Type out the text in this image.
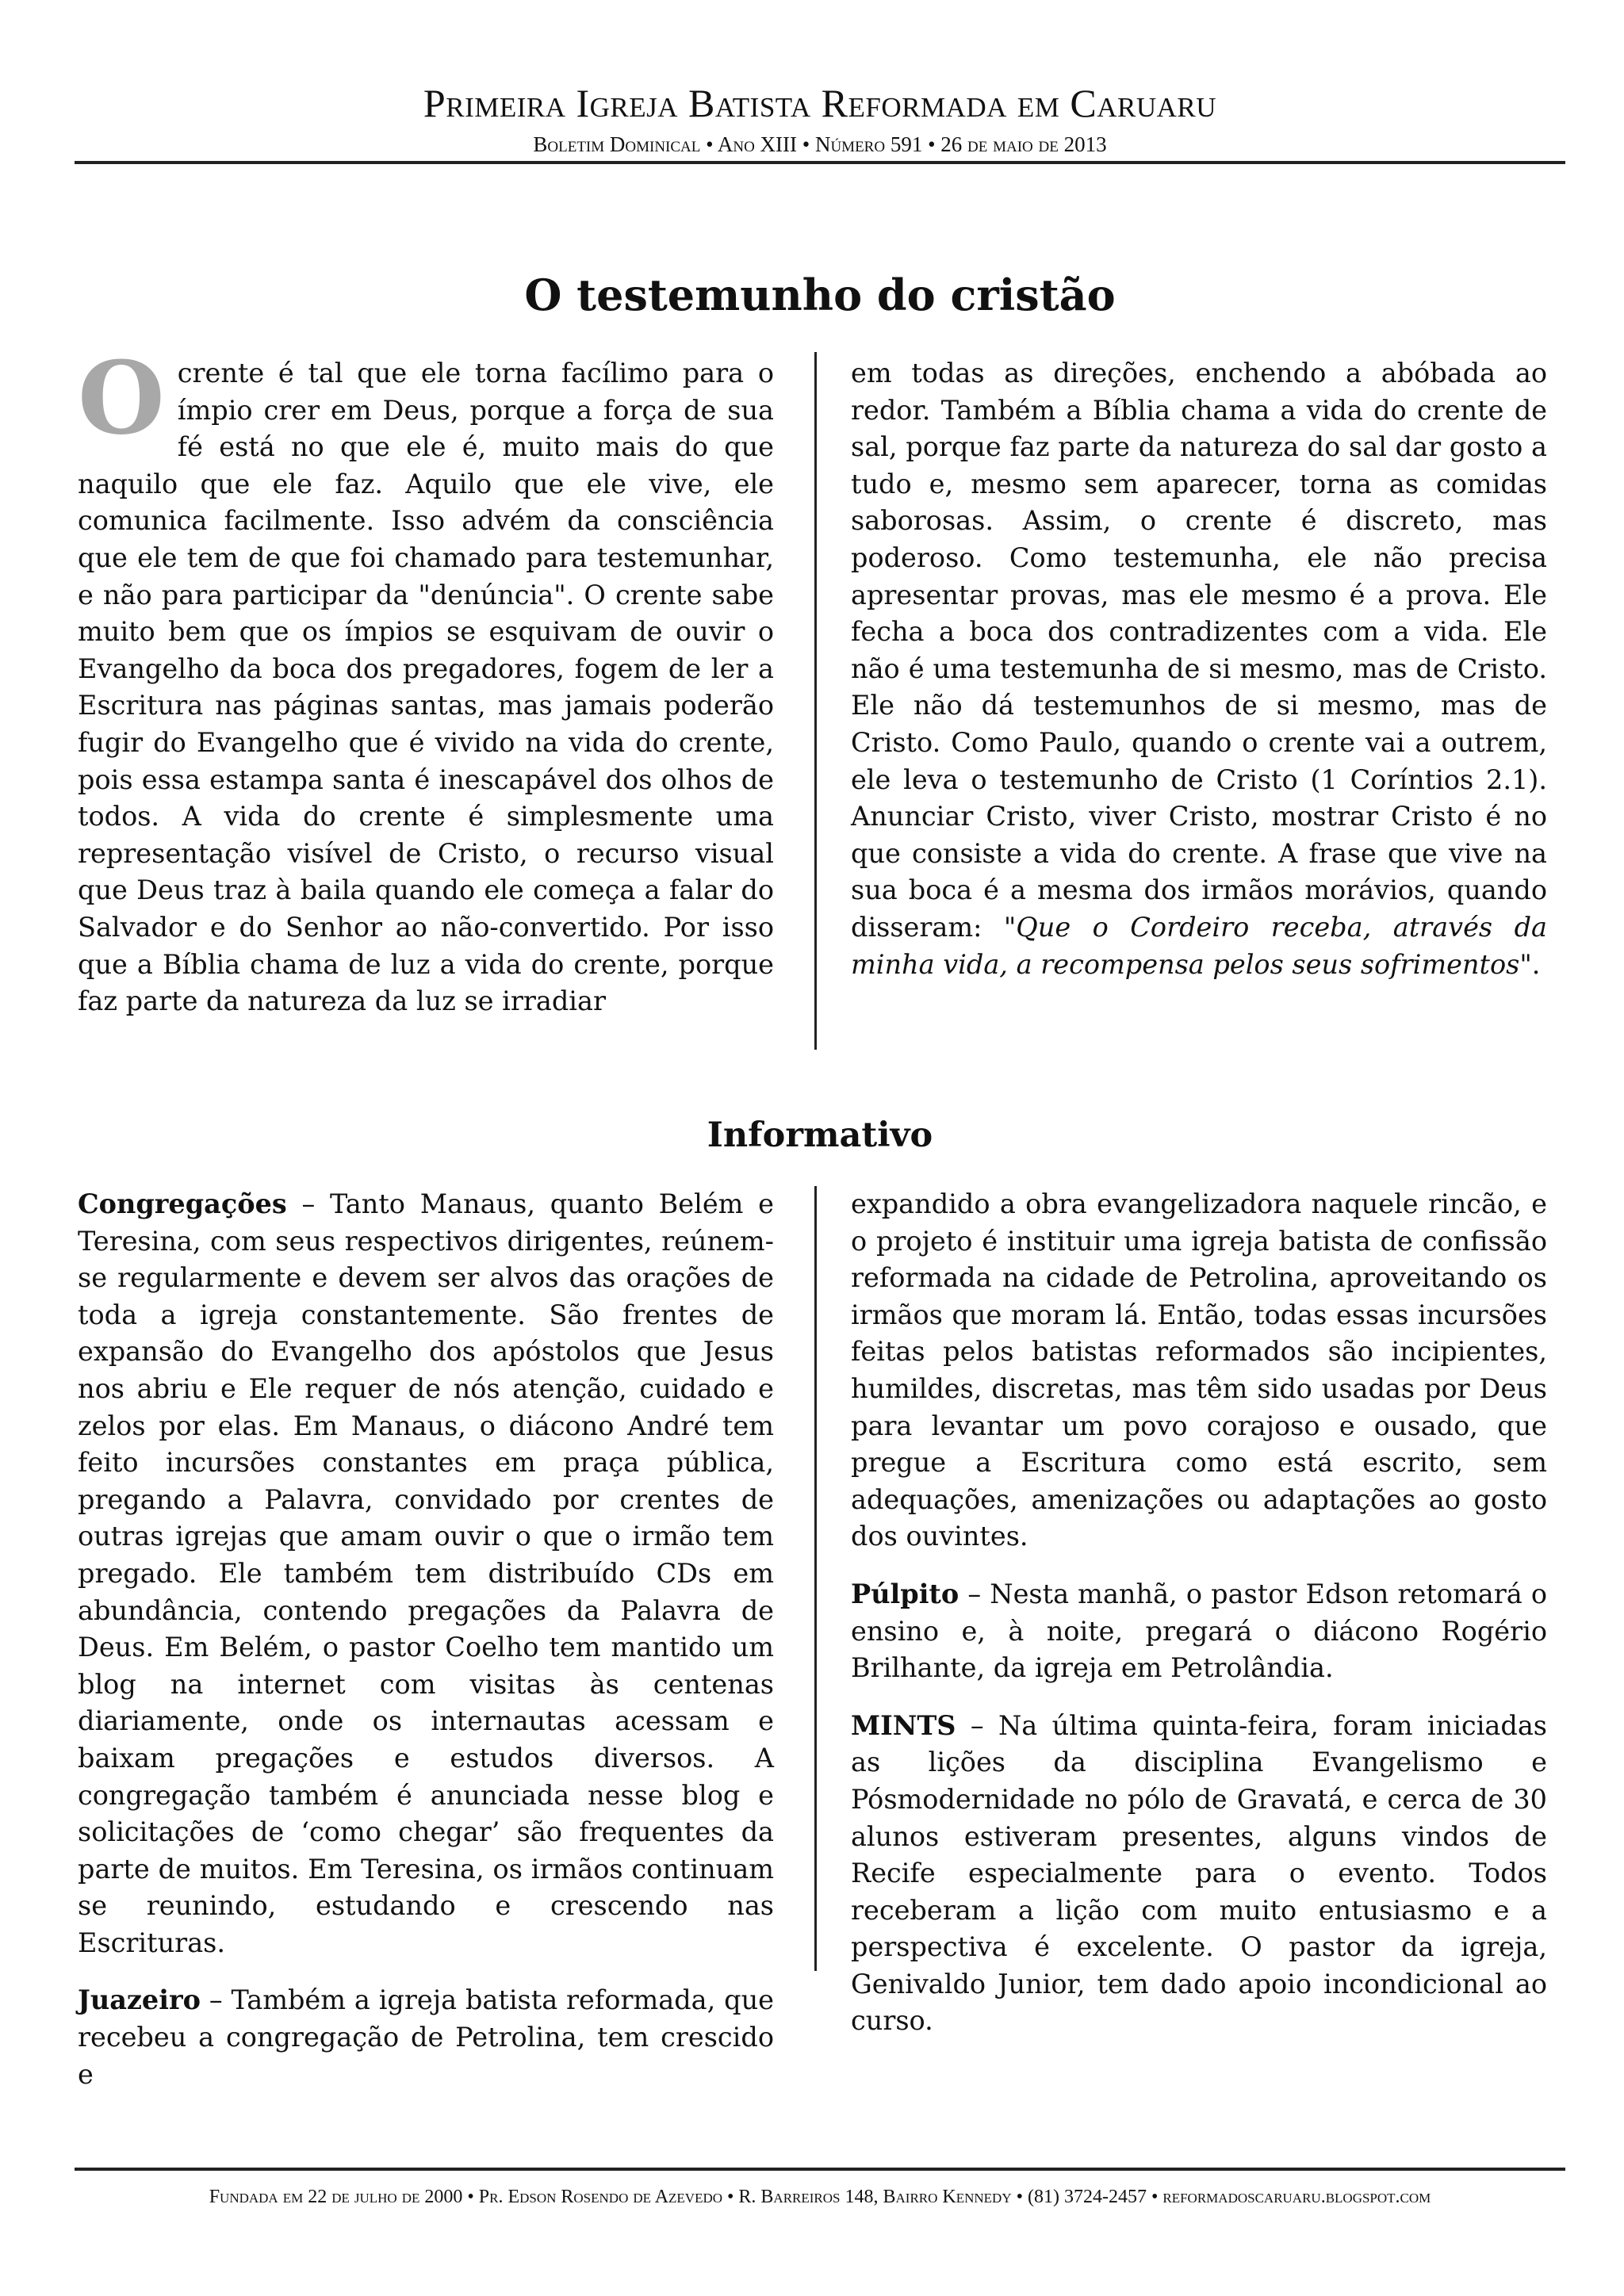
Primeira Igreja Batista Reformada em Caruaru
Boletim Dominical • Ano XIII • Número 591 • 26 de maio de 2013
O testemunho do cristão

O crente é tal que ele torna facílimo para o ímpio crer em Deus, porque a força de sua fé está no que ele é, muito mais do que naquilo que ele faz. Aquilo que ele vive, ele comunica facilmente. Isso advém da consciência que ele tem de que foi chamado para testemunhar, e não para participar da "denúncia". O crente sabe muito bem que os ímpios se esquivam de ouvir o Evangelho da boca dos pregadores, fogem de ler a Escritura nas páginas santas, mas jamais poderão fugir do Evangelho que é vivido na vida do crente, pois essa estampa santa é inescapável dos olhos de todos. A vida do crente é simplesmente uma representação visível de Cristo, o recurso visual que Deus traz à baila quando ele começa a falar do Salvador e do Senhor ao não-convertido. Por isso que a Bíblia chama de luz a vida do crente, porque faz parte da natureza da luz se irradiar

em todas as direções, enchendo a abóbada ao redor. Também a Bíblia chama a vida do crente de sal, porque faz parte da natureza do sal dar gosto a tudo e, mesmo sem aparecer, torna as comidas saborosas. Assim, o crente é discreto, mas poderoso. Como testemunha, ele não precisa apresentar provas, mas ele mesmo é a prova. Ele fecha a boca dos contradizentes com a vida. Ele não é uma testemunha de si mesmo, mas de Cristo. Ele não dá testemunhos de si mesmo, mas de Cristo. Como Paulo, quando o crente vai a outrem, ele leva o testemunho de Cristo (1 Coríntios 2.1). Anunciar Cristo, viver Cristo, mostrar Cristo é no que consiste a vida do crente. A frase que vive na sua boca é a mesma dos irmãos morávios, quando disseram: "Que o Cordeiro receba, através da minha vida, a recompensa pelos seus sofrimentos".

Informativo

Congregações – Tanto Manaus, quanto Belém e Teresina, com seus respectivos dirigentes, reúnem-se regularmente e devem ser alvos das orações de toda a igreja constantemente. São frentes de expansão do Evangelho dos apóstolos que Jesus nos abriu e Ele requer de nós atenção, cuidado e zelos por elas. Em Manaus, o diácono André tem feito incursões constantes em praça pública, pregando a Palavra, convidado por crentes de outras igrejas que amam ouvir o que o irmão tem pregado. Ele também tem distribuído CDs em abundância, contendo pregações da Palavra de Deus. Em Belém, o pastor Coelho tem mantido um blog na internet com visitas às centenas diariamente, onde os internautas acessam e baixam pregações e estudos diversos. A congregação também é anunciada nesse blog e solicitações de ‘como chegar’ são frequentes da parte de muitos. Em Teresina, os irmãos continuam se reunindo, estudando e crescendo nas Escrituras.

Juazeiro – Também a igreja batista reformada, que recebeu a congregação de Petrolina, tem crescido e

expandido a obra evangelizadora naquele rincão, e o projeto é instituir uma igreja batista de confissão reformada na cidade de Petrolina, aproveitando os irmãos que moram lá. Então, todas essas incursões feitas pelos batistas reformados são incipientes, humildes, discretas, mas têm sido usadas por Deus para levantar um povo corajoso e ousado, que pregue a Escritura como está escrito, sem adequações, amenizações ou adaptações ao gosto dos ouvintes.

Púlpito – Nesta manhã, o pastor Edson retomará o ensino e, à noite, pregará o diácono Rogério Brilhante, da igreja em Petrolândia.

MINTS – Na última quinta-feira, foram iniciadas as lições da disciplina Evangelismo e Pósmodernidade no pólo de Gravatá, e cerca de 30 alunos estiveram presentes, alguns vindos de Recife especialmente para o evento. Todos receberam a lição com muito entusiasmo e a perspectiva é excelente. O pastor da igreja, Genivaldo Junior, tem dado apoio incondicional ao curso.

Fundada em 22 de julho de 2000 • Pr. Edson Rosendo de Azevedo • R. Barreiros 148, Bairro Kennedy • (81) 3724-2457 • reformadoscaruaru.blogspot.com
